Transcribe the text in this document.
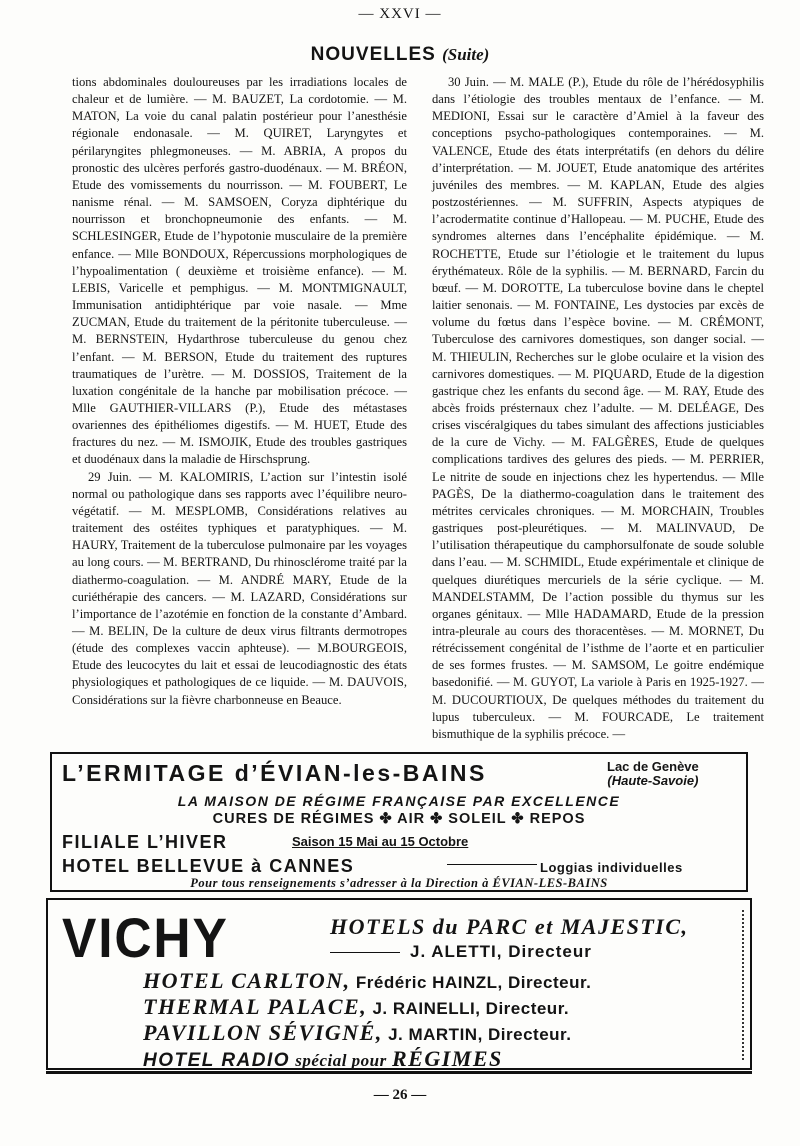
— XXVI —
NOUVELLES (Suite)

tions abdominales douloureuses par les irradiations locales de chaleur et de lumière. — M. BAUZET, La cordotomie. — M. MATON, La voie du canal palatin postérieur pour l’anesthésie régionale endonasale. — M. QUIRET, Laryngytes et périlaryngites phlegmoneuses. — M. ABRIA, A propos du pronostic des ulcères perforés gastro-duodénaux. — M. BRÉON, Etude des vomissements du nourrisson. — M. FOUBERT, Le nanisme rénal. — M. SAMSOEN, Coryza diphtérique du nourrisson et bronchopneumonie des enfants. — M. SCHLESINGER, Etude de l’hypotonie musculaire de la première enfance. — Mlle BONDOUX, Répercussions morphologiques de l’hypoalimentation ( deuxième et troisième enfance). — M. LEBIS, Varicelle et pemphigus. — M. MONTMIGNAULT, Immunisation antidiphtérique par voie nasale. — Mme ZUCMAN, Etude du traitement de la péritonite tuberculeuse. — M. BERNSTEIN, Hydarthrose tuberculeuse du genou chez l’enfant. — M. BERSON, Etude du traitement des ruptures traumatiques de l’urètre. — M. DOSSIOS, Traitement de la luxation congénitale de la hanche par mobilisation précoce. — Mlle GAUTHIER-VILLARS (P.), Etude des métastases ovariennes des épithéliomes digestifs. — M. HUET, Etude des fractures du nez. — M. ISMOJIK, Etude des troubles gastriques et duodénaux dans la maladie de Hirschsprung.

29 Juin. — M. KALOMIRIS, L’action sur l’intestin isolé normal ou pathologique dans ses rapports avec l’équilibre neuro-végétatif. — M. MESPLOMB, Considérations relatives au traitement des ostéites typhiques et paratyphiques. — M. HAURY, Traitement de la tuberculose pulmonaire par les voyages au long cours. — M. BERTRAND, Du rhinosclérome traité par la diathermo-coagulation. — M. ANDRÉ MARY, Etude de la curiéthérapie des cancers. — M. LAZARD, Considérations sur l’importance de l’azotémie en fonction de la constante d’Ambard. — M. BELIN, De la culture de deux virus filtrants dermotropes (étude des complexes vaccin aphteuse). — M.BOURGEOIS, Etude des leucocytes du lait et essai de leucodiagnostic des états physiologiques et pathologiques de ce liquide. — M. DAUVOIS, Considérations sur la fièvre charbonneuse en Beauce.

30 Juin. — M. MALE (P.), Etude du rôle de l’hérédosyphilis dans l’étiologie des troubles mentaux de l’enfance. — M. MEDIONI, Essai sur le caractère d’Amiel à la faveur des conceptions psycho-pathologiques contemporaines. — M. VALENCE, Etude des états interprétatifs (en dehors du délire d’interprétation. — M. JOUET, Etude anatomique des artérites juvéniles des membres. — M. KAPLAN, Etude des algies postzostériennes. — M. SUFFRIN, Aspects atypiques de l’acrodermatite continue d’Hallopeau. — M. PUCHE, Etude des syndromes alternes dans l’encéphalite épidémique. — M. ROCHETTE, Etude sur l’étiologie et le traitement du lupus érythémateux. Rôle de la syphilis. — M. BERNARD, Farcin du bœuf. — M. DOROTTE, La tuberculose bovine dans le cheptel laitier senonais. — M. FONTAINE, Les dystocies par excès de volume du fœtus dans l’espèce bovine. — M. CRÉMONT, Tuberculose des carnivores domestiques, son danger social. — M. THIEULIN, Recherches sur le globe oculaire et la vision des carnivores domestiques. — M. PIQUARD, Etude de la digestion gastrique chez les enfants du second âge. — M. RAY, Etude des abcès froids présternaux chez l’adulte. — M. DELÉAGE, Des crises viscéralgiques du tabes simulant des affections justiciables de la cure de Vichy. — M. FALGÈRES, Etude de quelques complications tardives des gelures des pieds. — M. PERRIER, Le nitrite de soude en injections chez les hypertendus. — Mlle PAGÈS, De la diathermo-coagulation dans le traitement des métrites cervicales chroniques. — M. MORCHAIN, Troubles gastriques post-pleurétiques. — M. MALINVAUD, De l’utilisation thérapeutique du camphorsulfonate de soude soluble dans l’eau. — M. SCHMIDL, Etude expérimentale et clinique de quelques diurétiques mercuriels de la série cyclique. — M. MANDELSTAMM, De l’action possible du thymus sur les organes génitaux. — Mlle HADAMARD, Etude de la pression intra-pleurale au cours des thoracentèses. — M. MORNET, Du rétrécissement congénital de l’isthme de l’aorte et en particulier de ses formes frustes. — M. SAMSOM, Le goitre endémique basedonifié. — M. GUYOT, La variole à Paris en 1925-1927. — M. DUCOURTIOUX, De quelques méthodes du traitement du lupus tuberculeux. — M. FOURCADE, Le traitement bismuthique de la syphilis précoce. —

L’ERMITAGE d’ÉVIAN-les-BAINS	Lac de Genève
(Haute-Savoie)
LA MAISON DE RÉGIME FRANÇAISE PAR EXCELLENCE
CURES DE RÉGIMES ✤ AIR ✤ SOLEIL ✤ REPOS
FILIALE L’HIVER	Saison 15 Mai au 15 Octobre
HOTEL BELLEVUE à CANNES	Loggias individuelles
Pour tous renseignements s’adresser à la Direction à ÉVIAN-LES-BAINS
VICHY	HOTELS du PARC et MAJESTIC,
J. ALETTI, Directeur
HOTEL CARLTON, Frédéric HAINZL, Directeur.
THERMAL PALACE, J. RAINELLI, Directeur.
PAVILLON SÉVIGNÉ, J. MARTIN, Directeur.
HOTEL RADIO spécial pour RÉGIMES
— 26 —
